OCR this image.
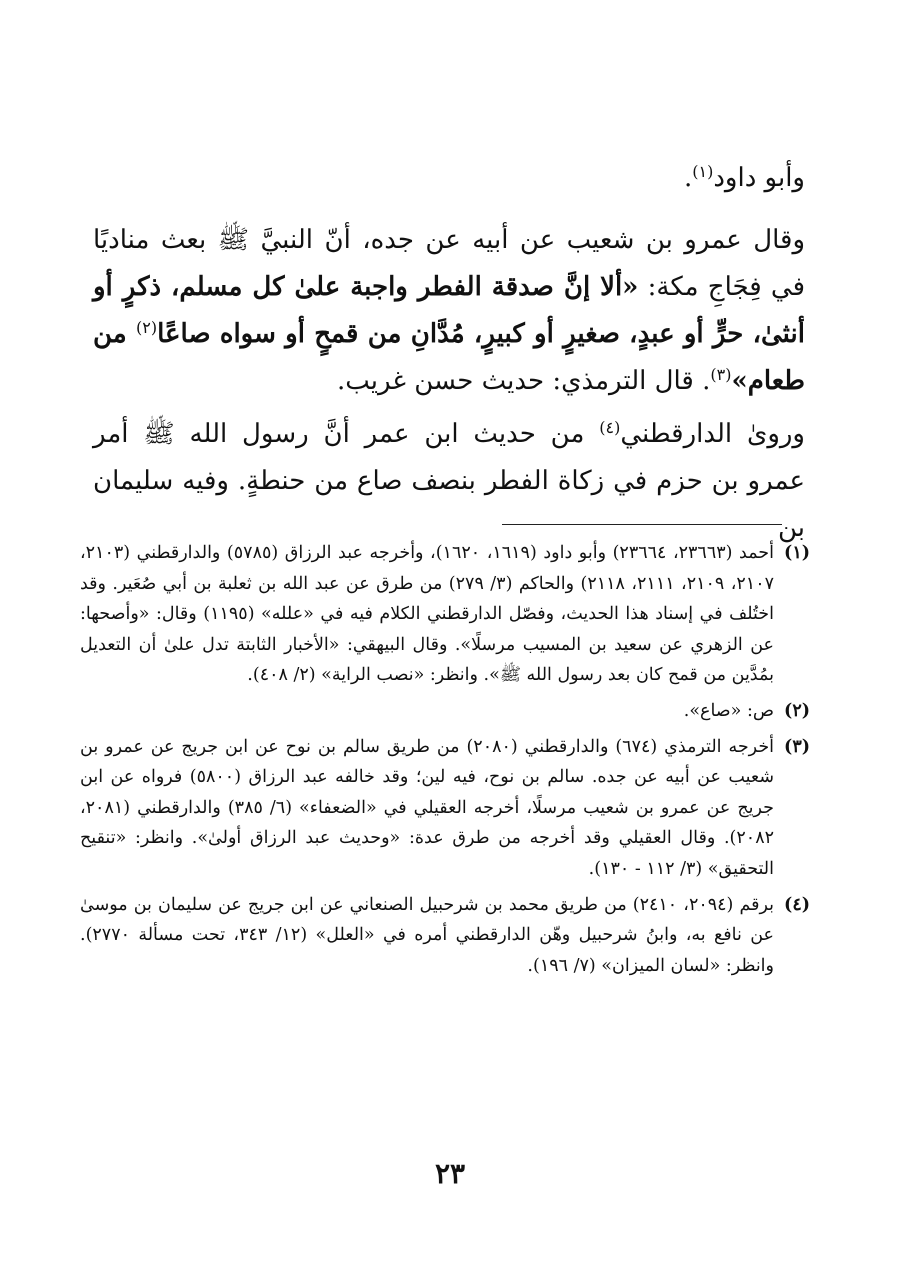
وأبو داود$^{(١)}$.
وقال عمرو بن شعيب عن أبيه عن جده، أنّ النبيَّ ﷺ بعث مناديًا في فِجَاجِ مكة: «ألا إنَّ صدقة الفطر واجبة علىٰ كل مسلم، ذكرٍ أو أنثىٰ، حرٍّ أو عبدٍ، صغيرٍ أو كبيرٍ، مُدَّانِ من قمحٍ أو سواه صاعًا$^{(٢)}$ من طعام»$^{(٣)}$. قال الترمذي: حديث حسن غريب.
وروىٰ الدارقطني$^{(٤)}$ من حديث ابن عمر أنَّ رسول الله ﷺ أمر عمرو بن حزم في زكاة الفطر بنصف صاع من حنطةٍ. وفيه سليمان بن
(١)
أحمد (٢٣٦٦٣، ٢٣٦٦٤) وأبو داود (١٦١٩، ١٦٢٠)، وأخرجه عبد الرزاق (٥٧٨٥) والدارقطني (٢١٠٣، ٢١٠٧، ٢١٠٩، ٢١١١، ٢١١٨) والحاكم (٣/ ٢٧٩) من طرق عن عبد الله بن ثعلبة بن أبي صُعَير. وقد اختُلف في إسناد هذا الحديث، وفصّل الدارقطني الكلام فيه في «علله» (١١٩٥) وقال: «وأصحها: عن الزهري عن سعيد بن المسيب مرسلًا». وقال البيهقي: «الأخبار الثابتة تدل علىٰ أن التعديل بمُدَّين من قمح كان بعد رسول الله ﷺ». وانظر: «نصب الراية» (٢/ ٤٠٨).
(٢)
ص: «صاع».
(٣)
أخرجه الترمذي (٦٧٤) والدارقطني (٢٠٨٠) من طريق سالم بن نوح عن ابن جريج عن عمرو بن شعيب عن أبيه عن جده. سالم بن نوح، فيه لين؛ وقد خالفه عبد الرزاق (٥٨٠٠) فرواه عن ابن جريج عن عمرو بن شعيب مرسلًا، أخرجه العقيلي في «الضعفاء» (٦/ ٣٨٥) والدارقطني (٢٠٨١، ٢٠٨٢). وقال العقيلي وقد أخرجه من طرق عدة: «وحديث عبد الرزاق أولىٰ». وانظر: «تنقيح التحقيق» (٣/ ١١٢ - ١٣٠).
(٤)
برقم (٢٠٩٤، ٢٤١٠) من طريق محمد بن شرحبيل الصنعاني عن ابن جريج عن سليمان بن موسىٰ عن نافع به، وابنُ شرحبيل وهّن الدارقطني أمره في «العلل» (١٢/ ٣٤٣، تحت مسألة ٢٧٧٠). وانظر: «لسان الميزان» (٧/ ١٩٦).
٢٣
